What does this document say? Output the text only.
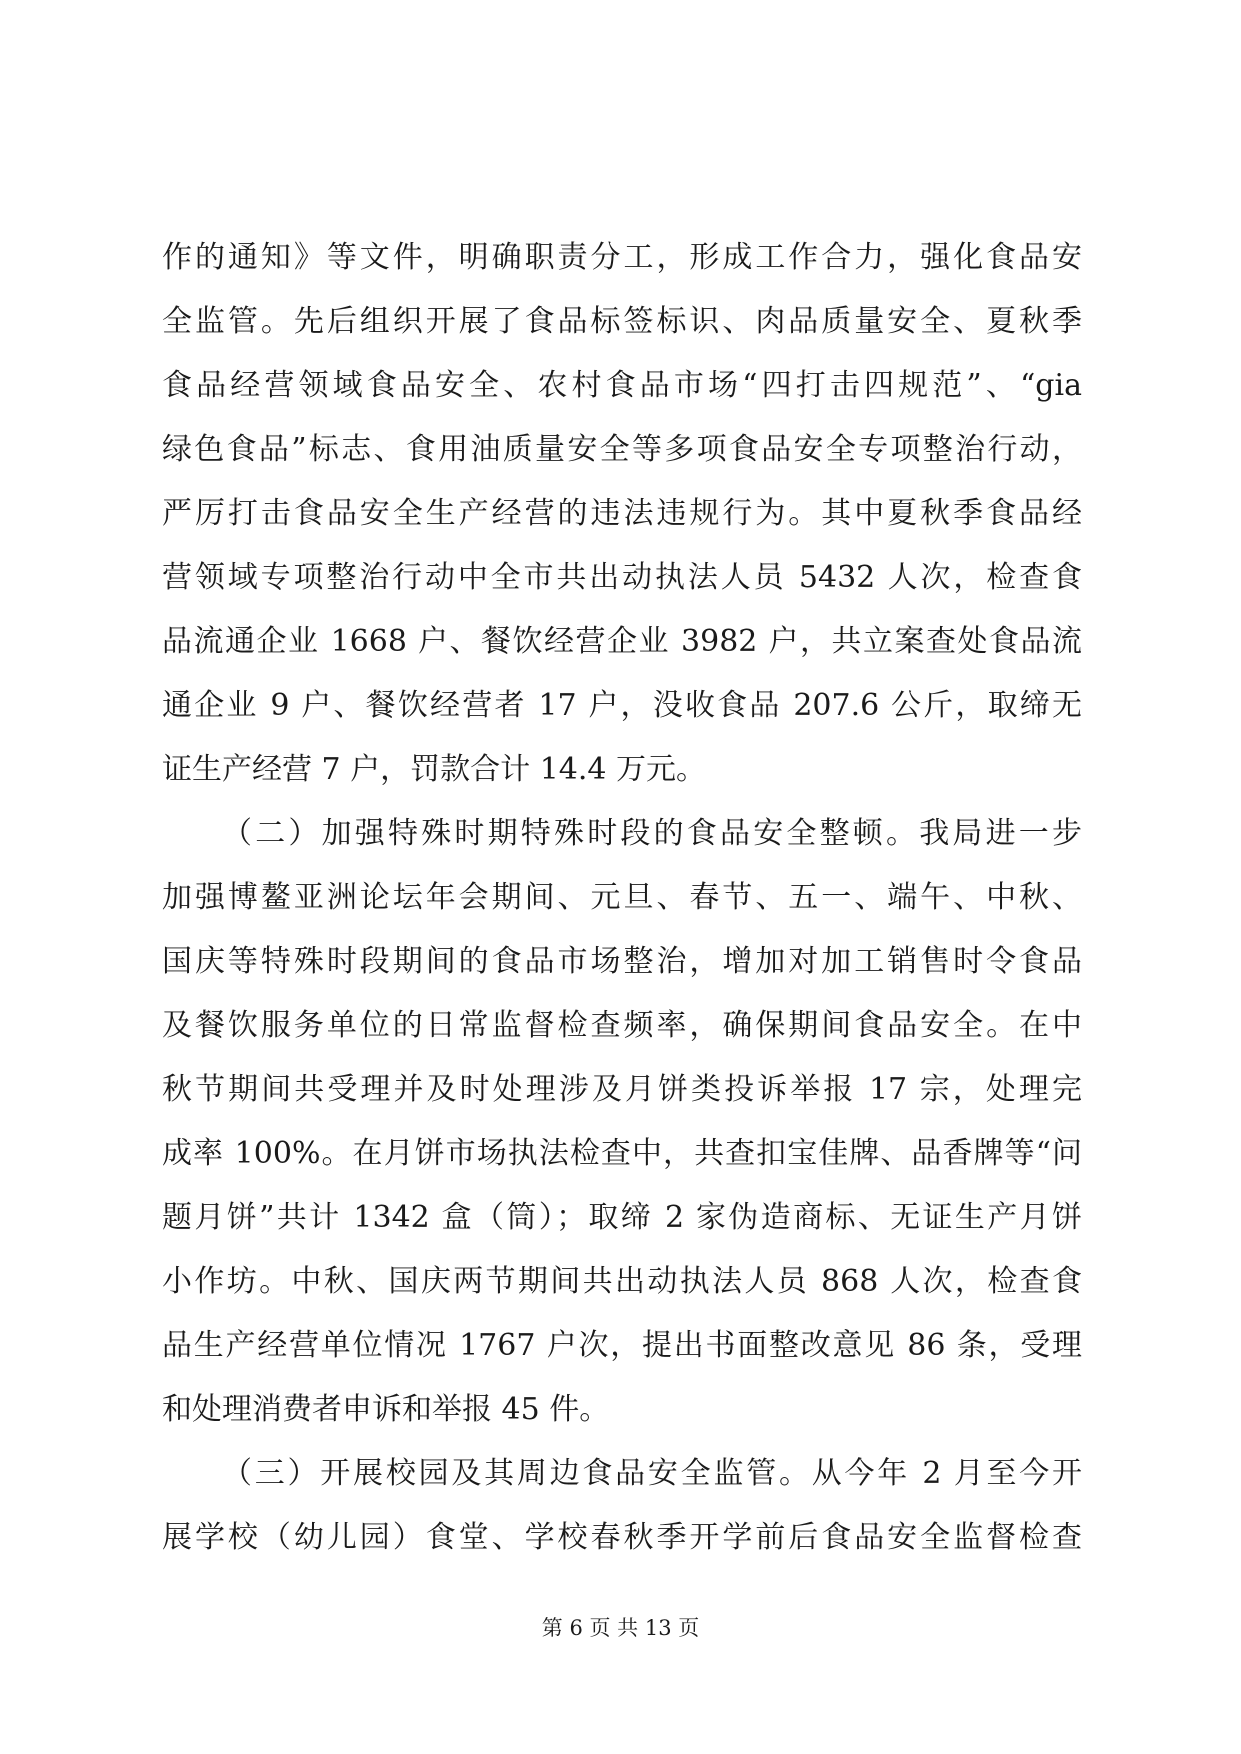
作的通知》等文件，明确职责分工，形成工作合力，强化食品安
全监管。先后组织开展了食品标签标识、肉品质量安全、夏秋季
食品经营领域食品安全、农村食品市场“四打击四规范”、“gia
绿色食品”标志、食用油质量安全等多项食品安全专项整治行动，
严厉打击食品安全生产经营的违法违规行为。其中夏秋季食品经
营领域专项整治行动中全市共出动执法人员 5432 人次，检查食
品流通企业 1668 户、餐饮经营企业 3982 户，共立案查处食品流
通企业 9 户、餐饮经营者 17 户，没收食品 207.6 公斤，取缔无
证生产经营 7 户，罚款合计 14.4 万元。
（二）加强特殊时期特殊时段的食品安全整顿。我局进一步
加强博鳌亚洲论坛年会期间、元旦、春节、五一、端午、中秋、
国庆等特殊时段期间的食品市场整治，增加对加工销售时令食品
及餐饮服务单位的日常监督检查频率，确保期间食品安全。在中
秋节期间共受理并及时处理涉及月饼类投诉举报 17 宗，处理完
成率 100%。在月饼市场执法检查中，共查扣宝佳牌、品香牌等“问
题月饼”共计 1342 盒（筒）；取缔 2 家伪造商标、无证生产月饼
小作坊。中秋、国庆两节期间共出动执法人员 868 人次，检查食
品生产经营单位情况 1767 户次，提出书面整改意见 86 条，受理
和处理消费者申诉和举报 45 件。
（三）开展校园及其周边食品安全监管。从今年 2 月至今开
展学校（幼儿园）食堂、学校春秋季开学前后食品安全监督检查
第 6 页 共 13 页
